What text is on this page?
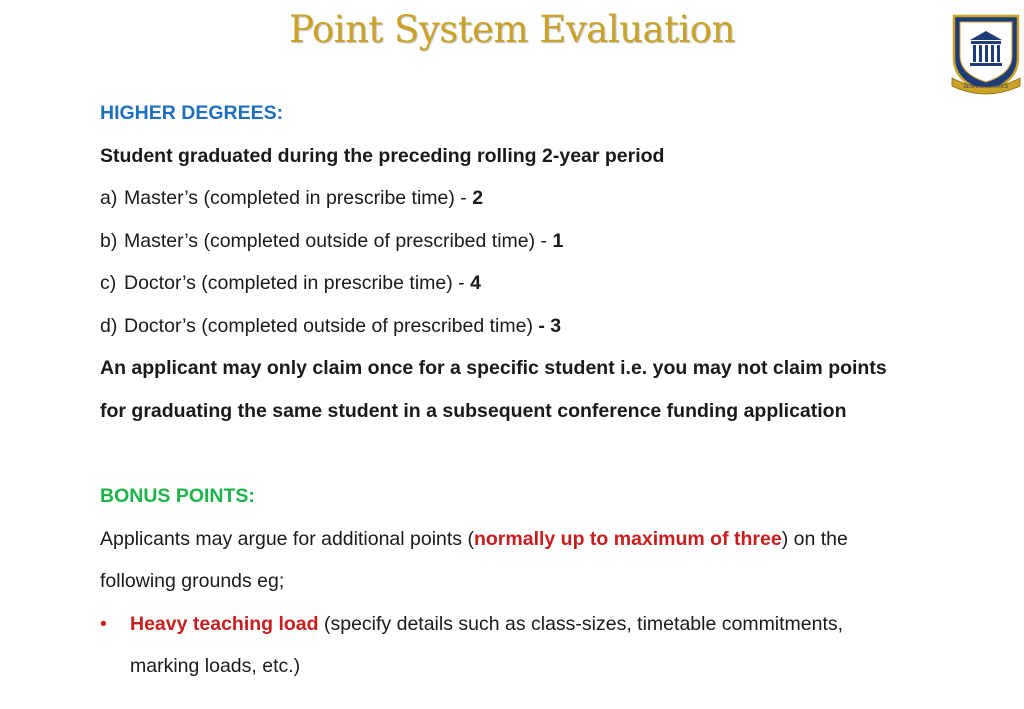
Point System Evaluation
RESPICE PROSPICE
HIGHER DEGREES:
Student graduated during the preceding rolling 2-year period
a) Master’s (completed in prescribe time) - 2
b) Master’s (completed outside of prescribed time) - 1
c) Doctor’s (completed in prescribe time) - 4
d) Doctor’s (completed outside of prescribed time) - 3
An applicant may only claim once for a specific student i.e. you may not claim points
for graduating the same student in a subsequent conference funding application
BONUS POINTS:
Applicants may argue for additional points (normally up to maximum of three) on the
following grounds eg;
• Heavy teaching load (specify details such as class-sizes, timetable commitments,
marking loads, etc.)
